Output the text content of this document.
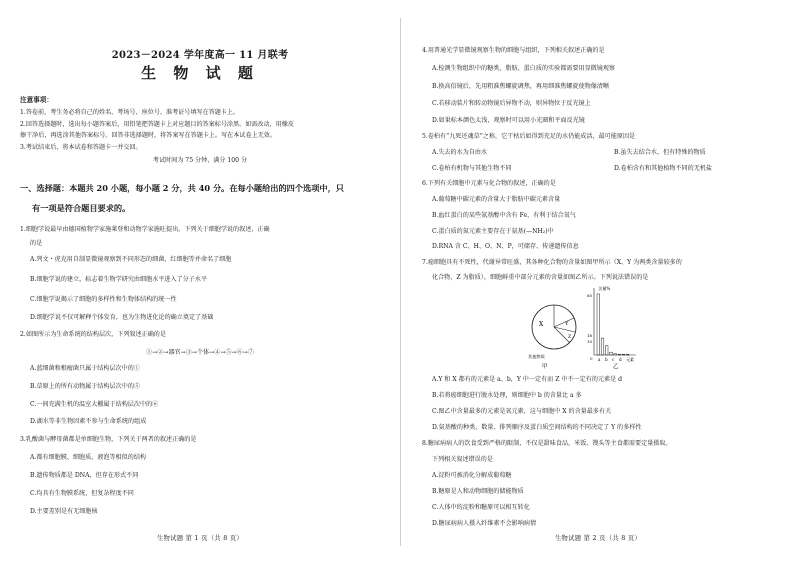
2023－2024 学年度高一 11 月联考
生 物 试 题
注意事项：
1.答卷前，考生务必将自己的姓名、考场号、座位号、准考证号填写在答题卡上。
2.回答选择题时，选出每小题答案后，用铅笔把答题卡上对应题目的答案标号涂黑。如需改动，用橡皮
擦干净后，再选涂其他答案标号。回答非选择题时，将答案写在答题卡上。写在本试卷上无效。
3.考试结束后，将本试卷和答题卡一并交回。
考试时间为 75 分钟，满分 100 分
一、选择题：本题共 20 小题，每小题 2 分，共 40 分。在每小题给出的四个选项中，只
有一项是符合题目要求的。
1.细胞学说最早由德国植物学家施莱登和动物学家施旺提出。下列关于细胞学说的叙述，正确
的是
A.列文・虎克用自制显微镜观察到不同形态的细菌、红细胞等并命名了细胞
B.细胞学说的建立，标志着生物学研究由细胞水平进入了分子水平
C.细胞学说揭示了细胞的多样性和生物体结构的统一性
D.细胞学说不仅可解释个体发育，也为生物进化论的确立奠定了基础
2.如图所示为生命系统的结构层次，下列叙述正确的是
①→②→器官→③→个体→④→⑤→⑥→⑦
A.蓝细菌和根瘤菌只属于结构层次中的①
B.草原上的所有动物属于结构层次中的⑤
C.一间充满生机的温室大棚属于结构层次中的⑥
D.湖水等非生物因素不参与生命系统的组成
3.乳酸菌与酵母菌都是单细胞生物，下列关于两者的叙述正确的是
A.都有细胞膜、细胞质、液泡等相似的结构
B.遗传物质都是 DNA，但存在形式不同
C.均具有生物膜系统，但复杂程度不同
D.主要差别是有无细胞核
生物试题 第 1 页（共 8 页）
4.用普通光学显微镜观察生物的细胞与组织，下列相关叙述正确的是
A.检测生物组织中的糖类、脂肪、蛋白质的实验都需要用显微镜观察
B.换高倍镜后，先用粗准焦螺旋调焦，再用细准焦螺旋使物像清晰
C.若移动装片和转动物镜后异物不动，则异物位于反光镜上
D.如果标本颜色太浅，观察时可以用小光圈和平面反光镜
5.卷柏有“九死还魂草”之称，它干枯后如得到充足的水仍能成活，最可能原因是
A.失去的水为自由水	B.虽失去结合水，但有特殊的物质
C.卷柏有机物与其他生物不同	D.卷柏含有和其他植物不同的无机盐
6.下列有关细胞中元素与化合物的叙述，正确的是
A.葡萄糖中碳元素的含量大于脂肪中碳元素含量
B.血红蛋白的某些氨基酸中含有 Fe，有利于结合氧气
C.蛋白质的氮元素主要存在于氨基(—NH₂)中
D.RNA 含 C、H、O、N、P，可储存、传递遗传信息
7.癌细胞具有不死性，代谢异常旺盛，其各种化合物的含量如图甲所示（X、Y 为两类含量较多的
化合物，Z 为脂质），细胞鲜重中部分元素的含量如图乙所示。下列说法错误的是
X	Y
Z
其他物质
甲
含量%
65
18
10
0 a b c d 元素
乙
A.Y 和 X 都有的元素是 a、b，Y 中一定有而 Z 中不一定有的元素是 d
B.若将癌细胞进行脱水处理，则细胞中 b 的含量比 a 多
C.图乙中含量最多的元素是氧元素，这与细胞中 X 的含量最多有关
D.氨基酸的种类、数量、排列顺序及蛋白质空间结构的不同决定了 Y 的多样性
8.糖尿病病人的饮食受到严格的限制，不仅是甜味食品，米饭、馒头等主食都需要定量摄取。
下列相关叙述错误的是
A.淀粉可被消化分解成葡萄糖
B.糖原是人和动物细胞的储能物质
C.人体中的淀粉和糖原可以相互转化
D.糖尿病病人摄入纤维素不会影响病情
生物试题 第 2 页（共 8 页）
